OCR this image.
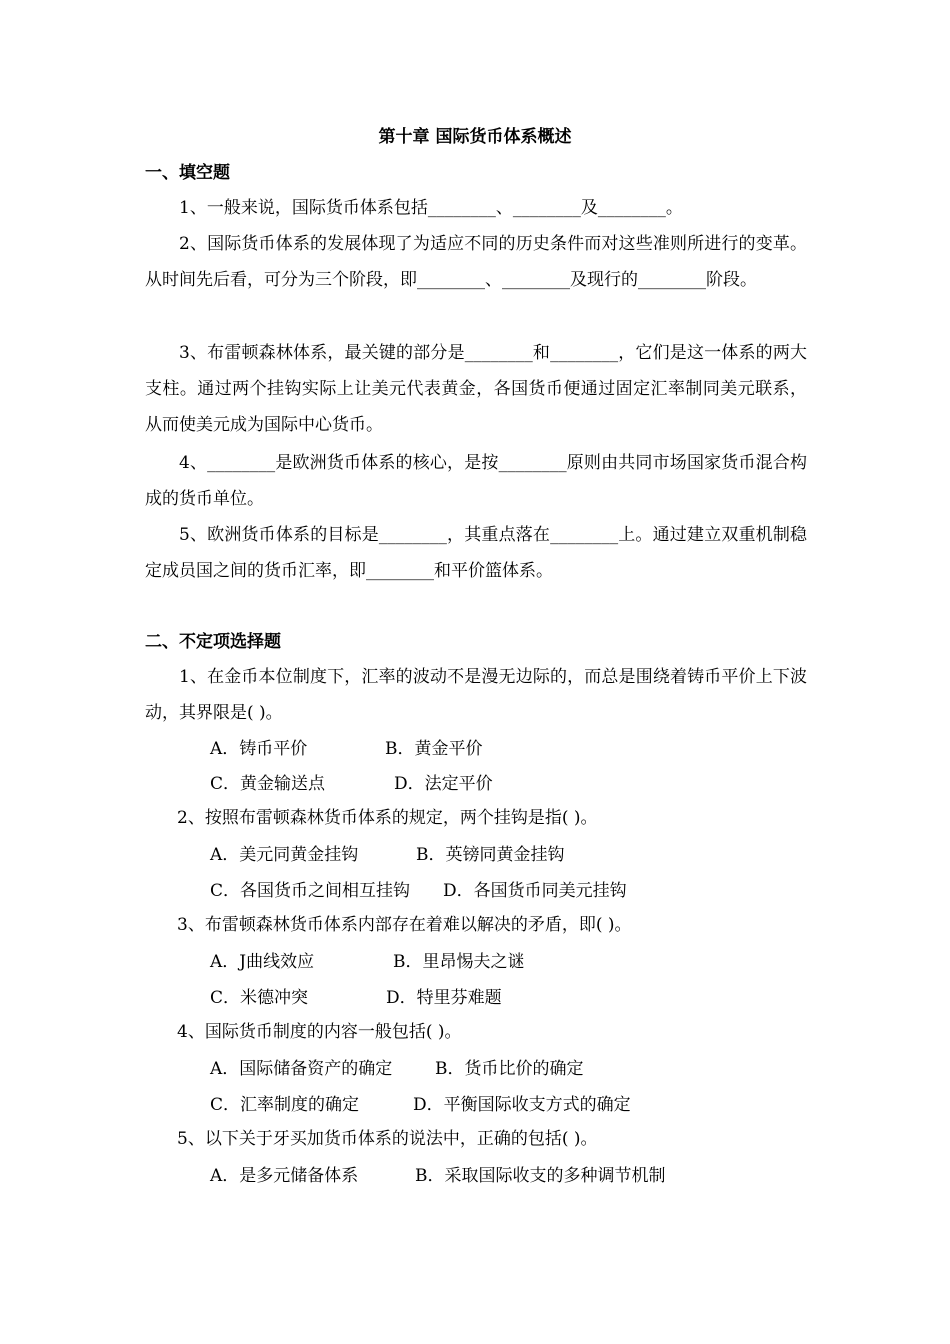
第十章 国际货币体系概述
一、填空题
1、一般来说，国际货币体系包括________、________及________。
2、国际货币体系的发展体现了为适应不同的历史条件而对这些准则所进行的变革。从时间先后看，可分为三个阶段，即________、________及现行的________阶段。
3、布雷顿森林体系，最关键的部分是________和________，它们是这一体系的两大支柱。通过两个挂钩实际上让美元代表黄金，各国货币便通过固定汇率制同美元联系，从而使美元成为国际中心货币。
4、________是欧洲货币体系的核心，是按________原则由共同市场国家货币混合构成的货币单位。
5、欧洲货币体系的目标是________，其重点落在________上。通过建立双重机制稳定成员国之间的货币汇率，即________和平价篮体系。
二、不定项选择题
1、在金币本位制度下，汇率的波动不是漫无边际的，而总是围绕着铸币平价上下波动，其界限是( )。
A．铸币平价	B．黄金平价
C．黄金输送点	D．法定平价
2、按照布雷顿森林货币体系的规定，两个挂钩是指( )。
A．美元同黄金挂钩	B．英镑同黄金挂钩
C．各国货币之间相互挂钩 D．各国货币同美元挂钩
3、布雷顿森林货币体系内部存在着难以解决的矛盾，即( )。
A．J曲线效应	B．里昂惕夫之谜
C．米德冲突	D．特里芬难题
4、国际货币制度的内容一般包括( )。
A．国际储备资产的确定	B．货币比价的确定
C．汇率制度的确定	D．平衡国际收支方式的确定
5、以下关于牙买加货币体系的说法中，正确的包括( )。
A．是多元储备体系	B．采取国际收支的多种调节机制
